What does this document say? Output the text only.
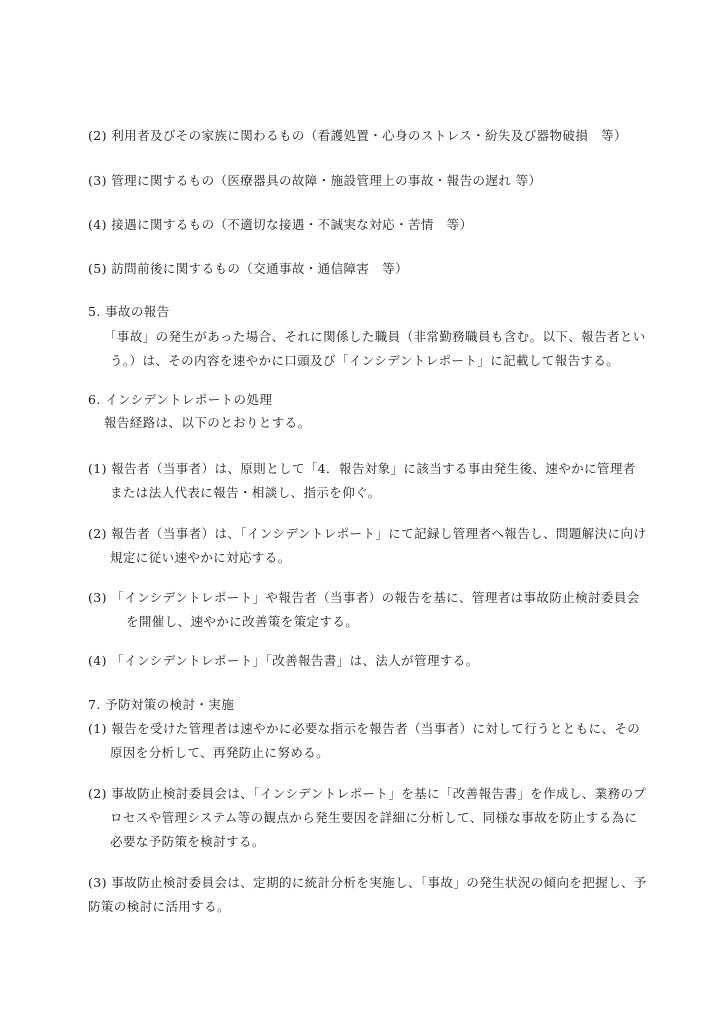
(2) 利用者及びその家族に関わるもの（看護処置・心身のストレス・紛失及び器物破損　等）
(3) 管理に関するもの（医療器具の故障・施設管理上の事故・報告の遅れ 等）
(4) 接遇に関するもの（不適切な接遇・不誠実な対応・苦情　等）
(5) 訪問前後に関するもの（交通事故・通信障害　等）
5. 事故の報告
「事故」の発生があった場合、それに関係した職員（非常勤務職員も含む。以下、報告者とい
う。）は、その内容を速やかに口頭及び「インシデントレポート」に記載して報告する。
6. インシデントレポートの処理
報告経路は、以下のとおりとする。
(1) 報告者（当事者）は、原則として「4．報告対象」に該当する事由発生後、速やかに管理者
または法人代表に報告・相談し、指示を仰ぐ。
(2) 報告者（当事者）は、「インシデントレポート」にて記録し管理者へ報告し、問題解決に向け
規定に従い速やかに対応する。
(3) 「インシデントレポート」や報告者（当事者）の報告を基に、管理者は事故防止検討委員会
を開催し、速やかに改善策を策定する。
(4) 「インシデントレポート」「改善報告書」は、法人が管理する。
7. 予防対策の検討・実施
(1) 報告を受けた管理者は速やかに必要な指示を報告者（当事者）に対して行うとともに、その
原因を分析して、再発防止に努める。
(2) 事故防止検討委員会は、「インシデントレポート」を基に「改善報告書」を作成し、業務のプ
ロセスや管理システム等の観点から発生要因を詳細に分析して、同様な事故を防止する為に
必要な予防策を検討する。
(3) 事故防止検討委員会は、定期的に統計分析を実施し、「事故」の発生状況の傾向を把握し、予
防策の検討に活用する。
